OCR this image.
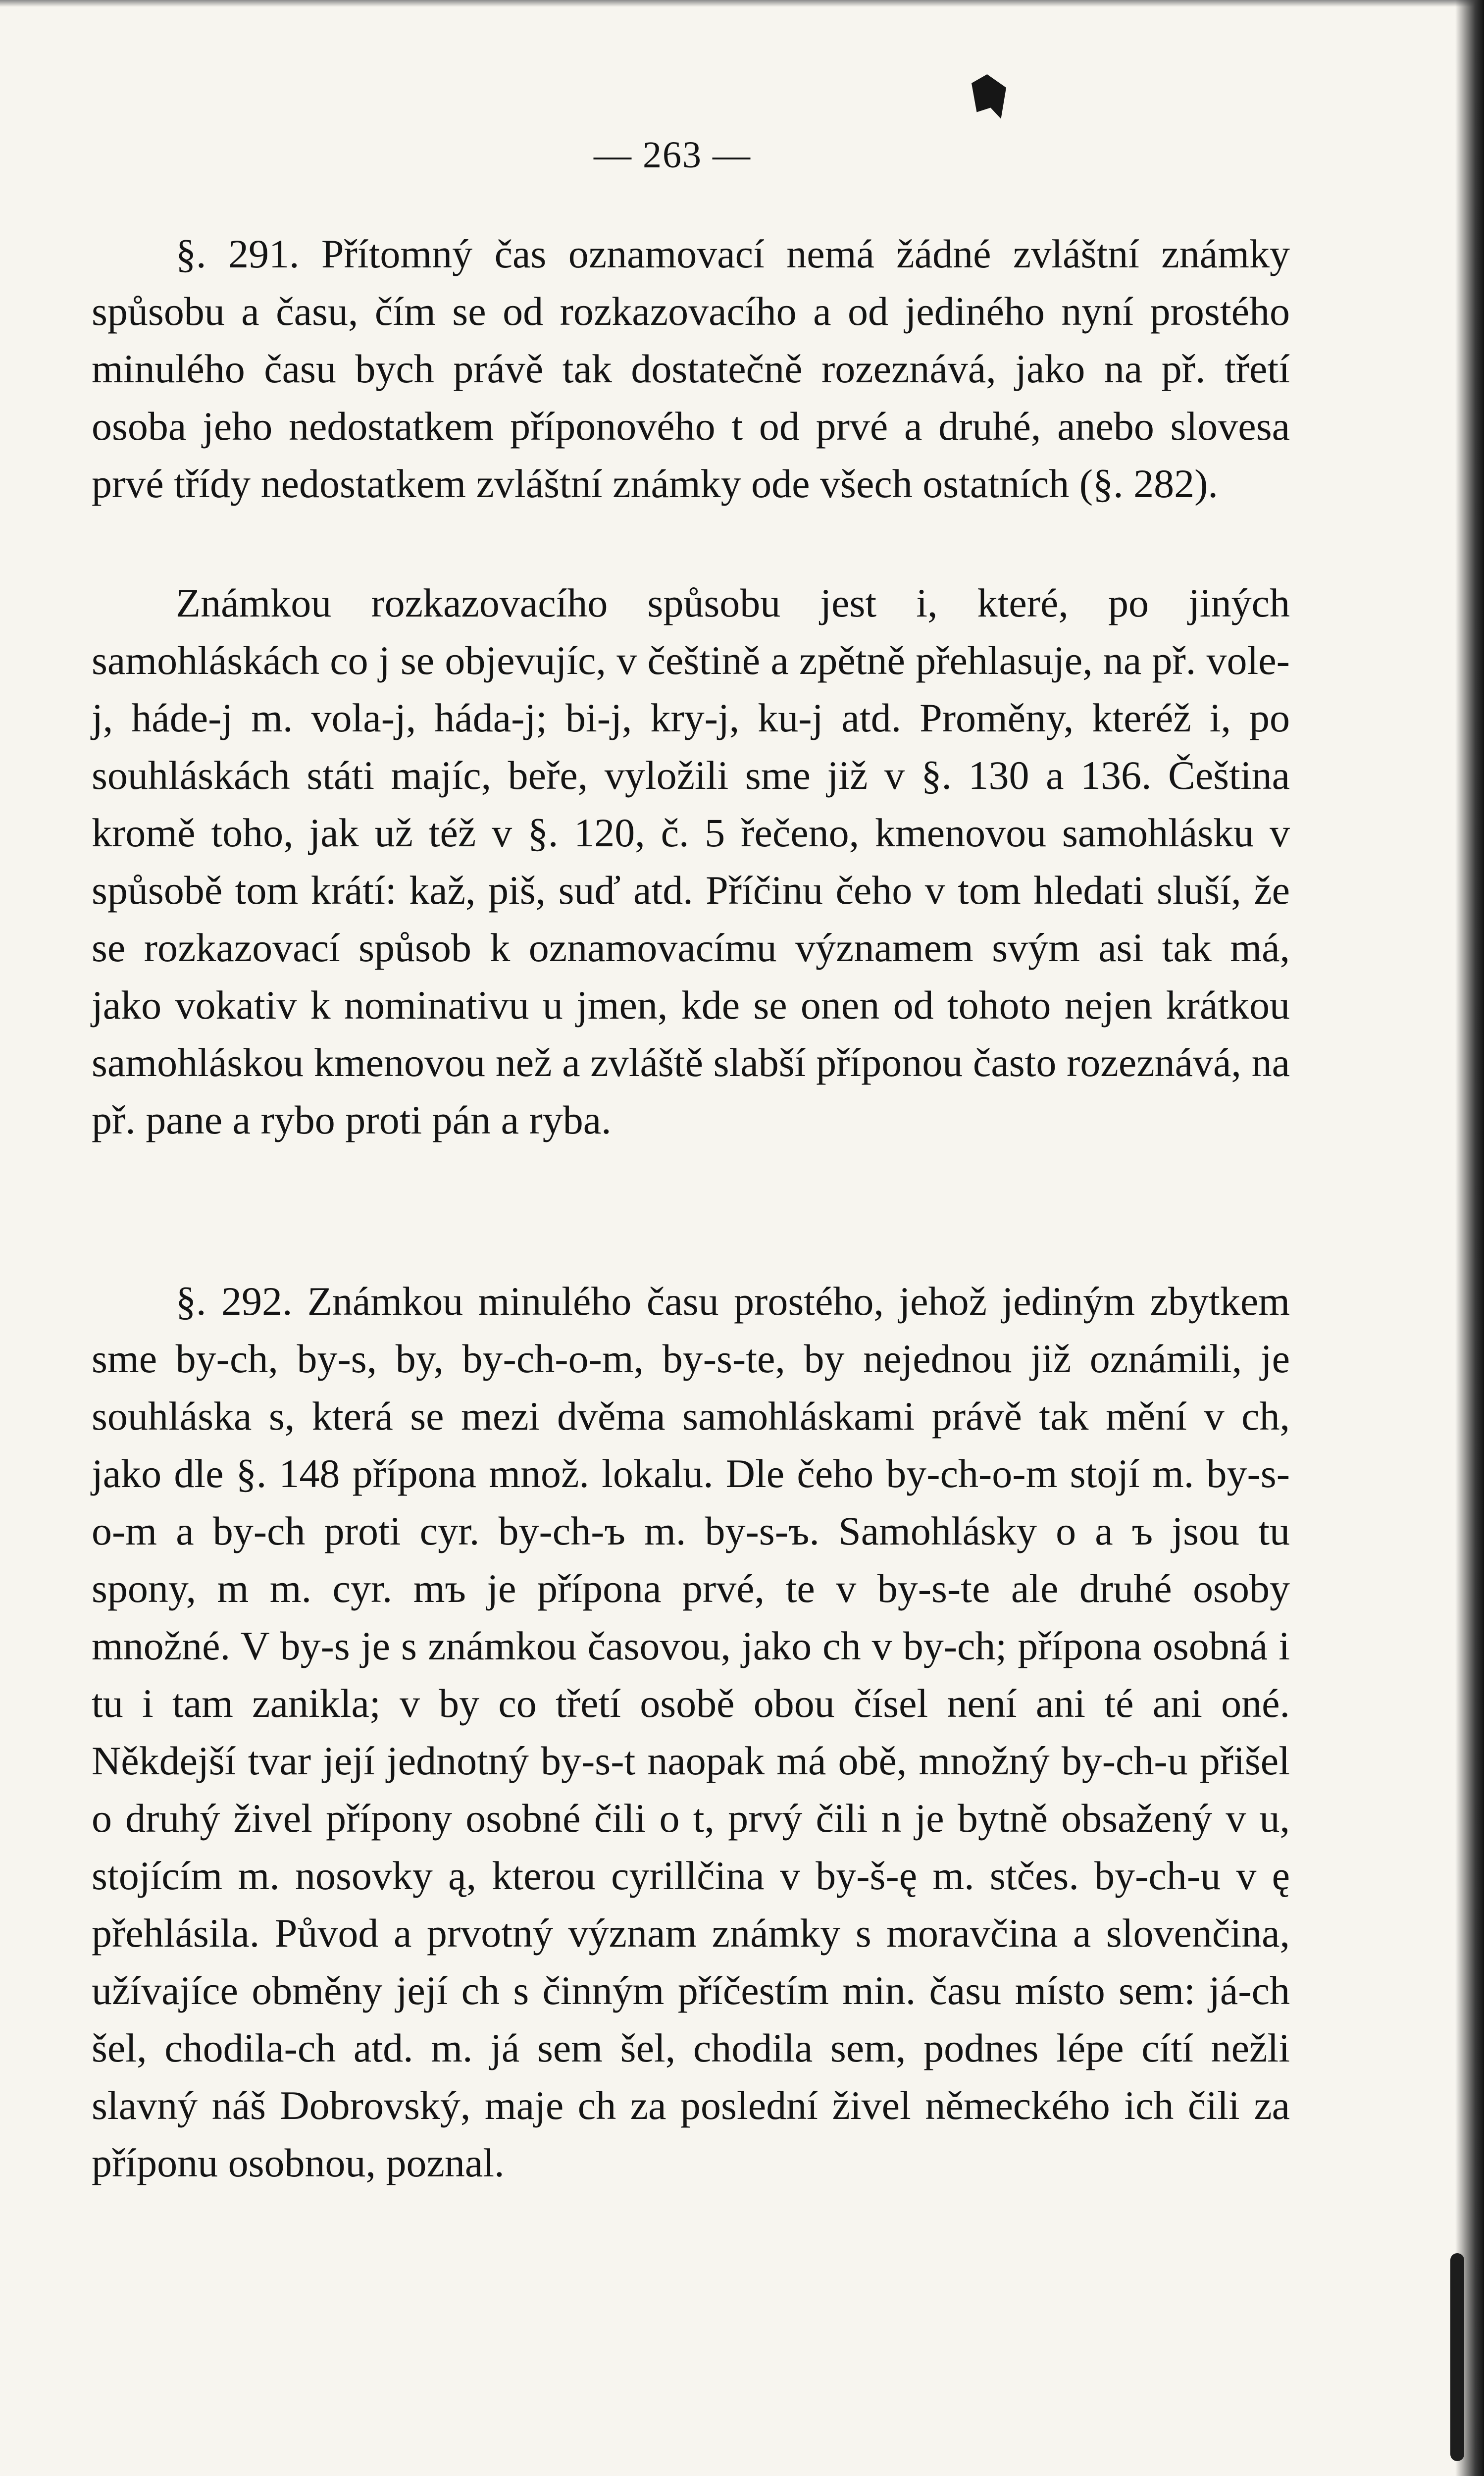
— 263 —

§. 291. Přítomný čas oznamovací nemá žádné zvláštní známky spůsobu a času, čím se od rozkazovacího a od jediného nyní prostého minulého času bych právě tak dostatečně rozeznává, jako na př. třetí osoba jeho nedostatkem příponového t od prvé a druhé, anebo slovesa prvé třídy nedostatkem zvláštní známky ode všech ostatních (§. 282).

Známkou rozkazovacího spůsobu jest i, které, po jiných samohláskách co j se objevujíc, v češtině a zpětně přehlasuje, na př. vole-j, háde-j m. vola-j, háda-j; bi-j, kry-j, ku-j atd. Proměny, kteréž i, po souhláskách státi majíc, beře, vyložili sme již v §. 130 a 136. Čeština kromě toho, jak už též v §. 120, č. 5 řečeno, kmenovou samohlásku v spůsobě tom krátí: kaž, piš, suď atd. Příčinu čeho v tom hledati sluší, že se rozkazovací spůsob k oznamovacímu významem svým asi tak má, jako vokativ k nominativu u jmen, kde se onen od tohoto nejen krátkou samohláskou kmenovou než a zvláště slabší příponou často rozeznává, na př. pane a rybo proti pán a ryba.

§. 292. Známkou minulého času prostého, jehož jediným zbytkem sme by-ch, by-s, by, by-ch-o-m, by-s-te, by nejednou již oznámili, je souhláska s, která se mezi dvěma samohláskami právě tak mění v ch, jako dle §. 148 přípona množ. lokalu. Dle čeho by-ch-o-m stojí m. by-s-o-m a by-ch proti cyr. by-ch-ъ m. by-s-ъ. Samohlásky o a ъ jsou tu spony, m m. cyr. mъ je přípona prvé, te v by-s-te ale druhé osoby množné. V by-s je s známkou časovou, jako ch v by-ch; přípona osobná i tu i tam zanikla; v by co třetí osobě obou čísel není ani té ani oné. Někdejší tvar její jednotný by-s-t naopak má obě, množný by-ch-u přišel o druhý živel přípony osobné čili o t, prvý čili n je bytně obsažený v u, stojícím m. nosovky ą, kterou cyrillčina v by-š-ę m. stčes. by-ch-u v ę přehlásila. Původ a prvotný význam známky s moravčina a slovenčina, užívajíce obměny její ch s činným příčestím min. času místo sem: já-ch šel, chodila-ch atd. m. já sem šel, chodila sem, podnes lépe cítí nežli slavný náš Dobrovský, maje ch za poslední živel německého ich čili za příponu osobnou, poznal.
